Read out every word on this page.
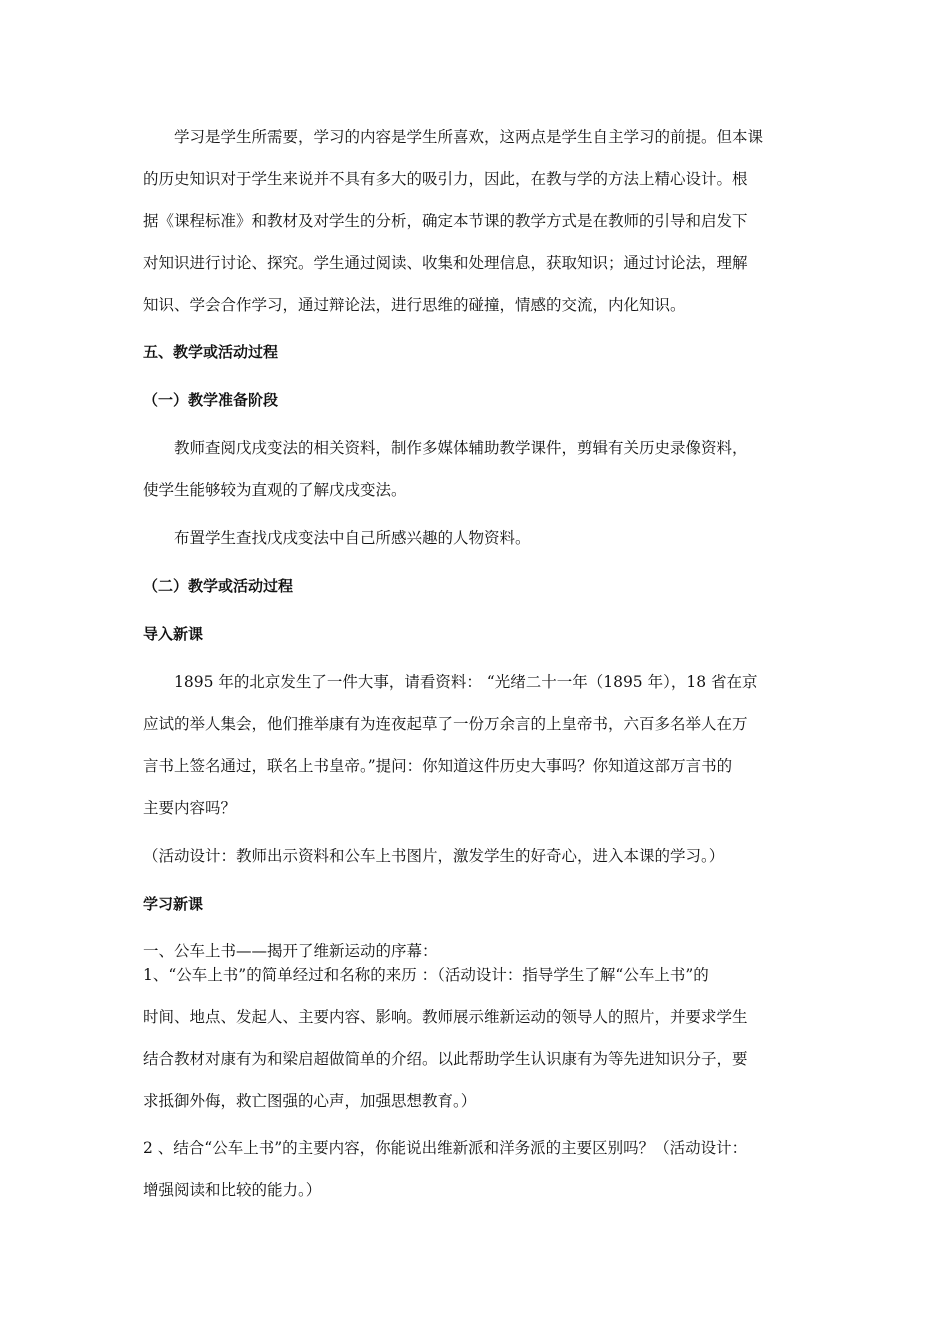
学习是学生所需要，学习的内容是学生所喜欢，这两点是学生自主学习的前提。但本课
的历史知识对于学生来说并不具有多大的吸引力，因此，在教与学的方法上精心设计。根
据《课程标准》和教材及对学生的分析，确定本节课的教学方式是在教师的引导和启发下
对知识进行讨论、探究。学生通过阅读、收集和处理信息，获取知识；通过讨论法，理解
知识、学会合作学习，通过辩论法，进行思维的碰撞，情感的交流，内化知识。
五、教学或活动过程
（一）教学准备阶段
教师查阅戊戌变法的相关资料，制作多媒体辅助教学课件，剪辑有关历史录像资料，
使学生能够较为直观的了解戊戌变法。
布置学生查找戊戌变法中自己所感兴趣的人物资料。
（二）教学或活动过程
导入新课
1895 年的北京发生了一件大事，请看资料： “光绪二十一年（1895 年），18 省在京
应试的举人集会，他们推举康有为连夜起草了一份万余言的上皇帝书，六百多名举人在万
言书上签名通过，联名上书皇帝。”提问：你知道这件历史大事吗？你知道这部万言书的
主要内容吗？
（活动设计：教师出示资料和公车上书图片，激发学生的好奇心，进入本课的学习。）
学习新课
一、公车上书——揭开了维新运动的序幕：
1、“公车上书”的简单经过和名称的来历 ：（活动设计：指导学生了解“公车上书”的
时间、地点、发起人、主要内容、影响。教师展示维新运动的领导人的照片，并要求学生
结合教材对康有为和梁启超做简单的介绍。以此帮助学生认识康有为等先进知识分子，要
求抵御外侮，救亡图强的心声，加强思想教育。）
2 、结合“公车上书”的主要内容，你能说出维新派和洋务派的主要区别吗？（活动设计：
增强阅读和比较的能力。）
